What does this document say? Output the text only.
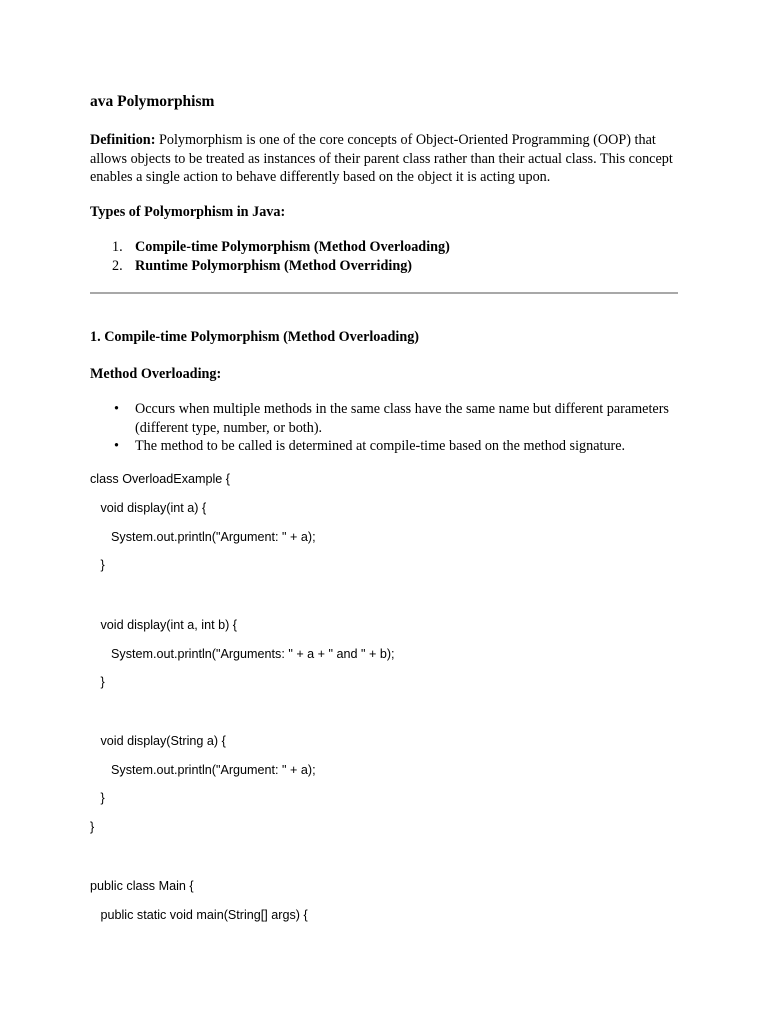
ava Polymorphism

Definition: Polymorphism is one of the core concepts of Object-Oriented Programming (OOP) that allows objects to be treated as instances of their parent class rather than their actual class. This concept enables a single action to behave differently based on the object it is acting upon.

Types of Polymorphism in Java:

1. Compile-time Polymorphism (Method Overloading)
2. Runtime Polymorphism (Method Overriding)

1. Compile-time Polymorphism (Method Overloading)

Method Overloading:

• Occurs when multiple methods in the same class have the same name but different parameters (different type, number, or both).
• The method to be called is determined at compile-time based on the method signature.
class OverloadExample {
void display(int a) {
System.out.println("Argument: " + a);
}
void display(int a, int b) {
System.out.println("Arguments: " + a + " and " + b);
}
void display(String a) {
System.out.println("Argument: " + a);
}
}
public class Main {
public static void main(String[] args) {
